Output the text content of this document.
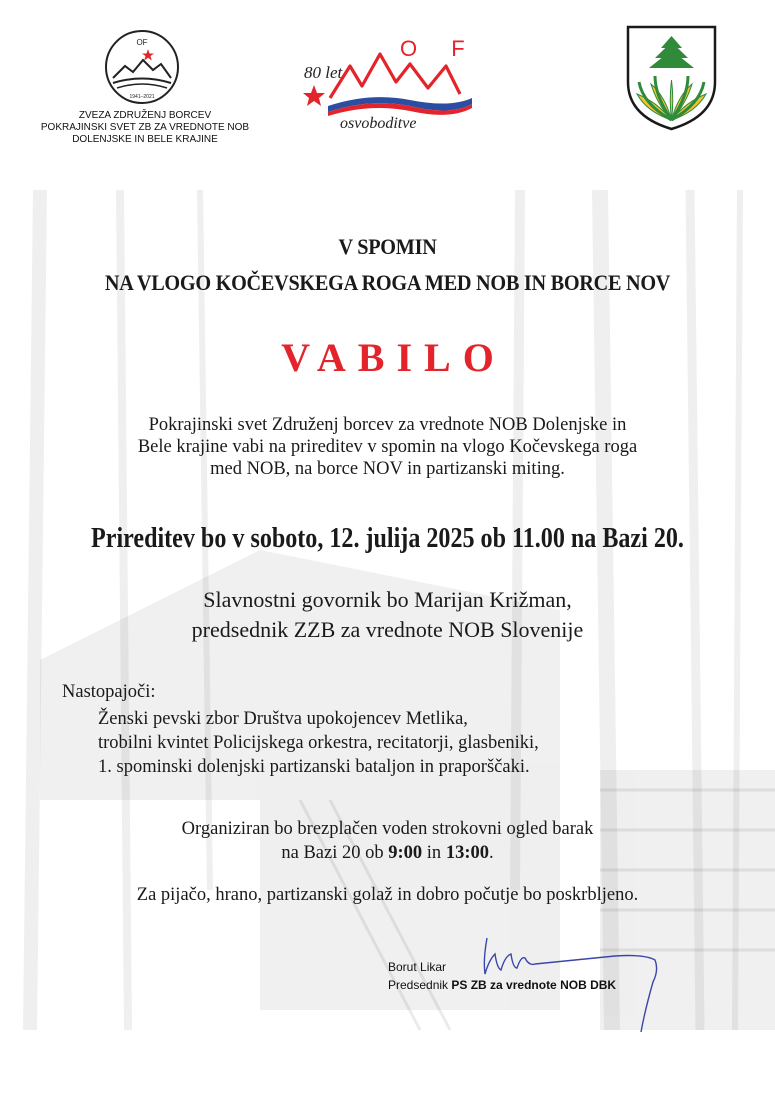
OF
1941–2021
ZVEZA ZDRUŽENJ BORCEV
POKRAJINSKI SVET ZB ZA VREDNOTE NOB
DOLENJSKE IN BELE KRAJINE
80 let
O F
osvoboditve
V SPOMIN
NA VLOGO KOČEVSKEGA ROGA MED NOB IN BORCE NOV
VABILO
Pokrajinski svet Združenj borcev za vrednote NOB Dolenjske in
Bele krajine vabi na prireditev v spomin na vlogo Kočevskega roga
med NOB, na borce NOV in partizanski miting.
Prireditev bo v soboto, 12. julija 2025 ob 11.00 na Bazi 20.
Slavnostni govornik bo Marijan Križman,
predsednik ZZB za vrednote NOB Slovenije
Nastopajoči:
Ženski pevski zbor Društva upokojencev Metlika,
trobilni kvintet Policijskega orkestra, recitatorji, glasbeniki,
1. spominski dolenjski partizanski bataljon in praporščaki.
Organiziran bo brezplačen voden strokovni ogled barak
na Bazi 20 ob 9:00 in 13:00.
Za pijačo, hrano, partizanski golaž in dobro počutje bo poskrbljeno.
Borut Likar
Predsednik PS ZB za vrednote NOB DBK
